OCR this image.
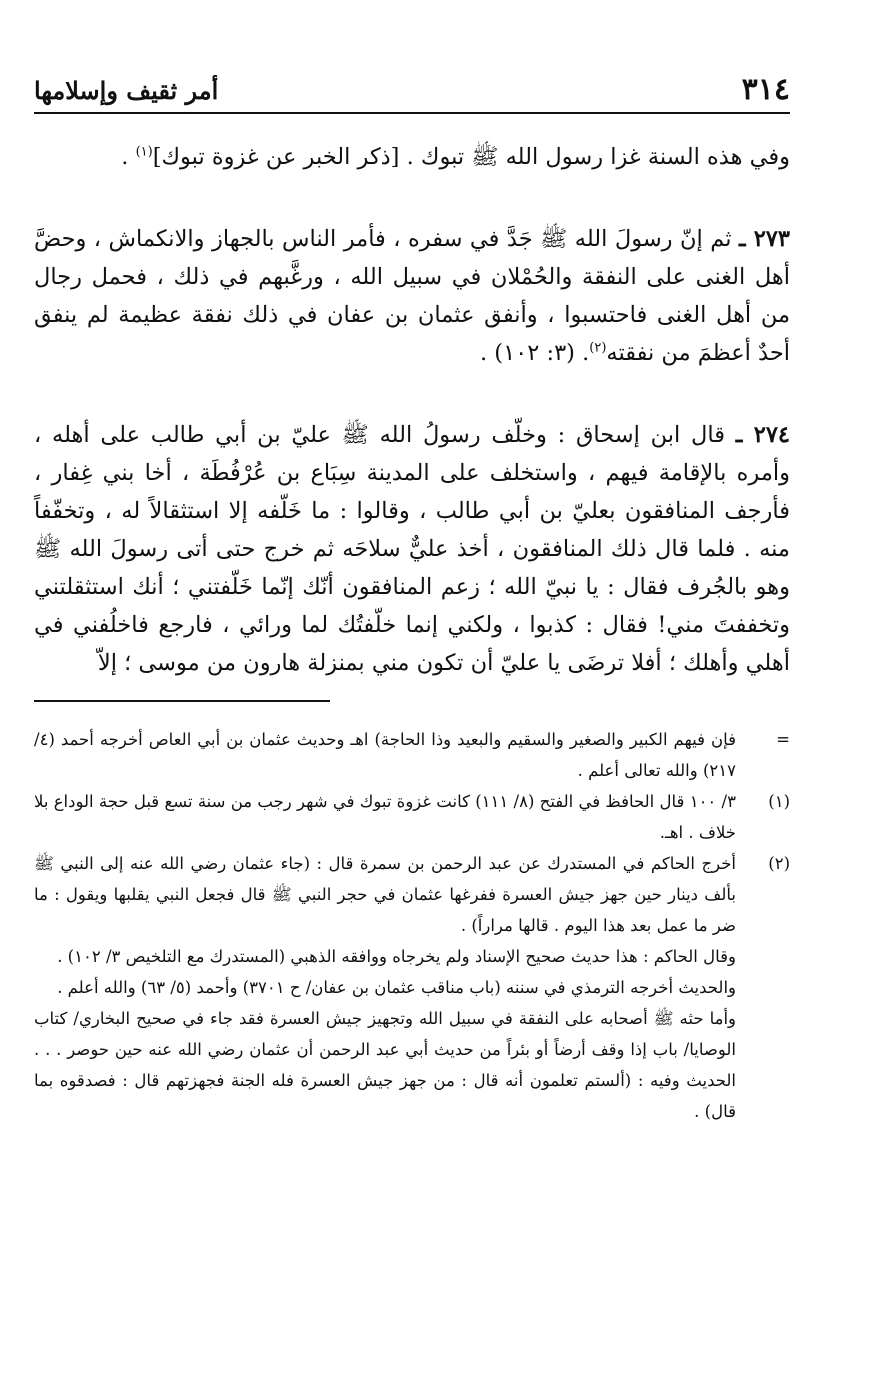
٣١٤
أمر ثقيف وإسلامها

وفي هذه السنة غزا رسول الله ﷺ تبوك . [ذكر الخبر عن غزوة تبوك]$^{(١)}$ .

٢٧٣ ـ ثم إنّ رسولَ الله ﷺ جَدَّ في سفره ، فأمر الناس بالجهاز والانكماش ، وحضَّ أهل الغنى على النفقة والحُمْلان في سبيل الله ، ورغَّبهم في ذلك ، فحمل رجال من أهل الغنى فاحتسبوا ، وأنفق عثمان بن عفان في ذلك نفقة عظيمة لم ينفق أحدٌ أعظمَ من نفقته$^{(٢)}$. (٣: ١٠٢) .

٢٧٤ ـ قال ابن إسحاق : وخلّف رسولُ الله ﷺ عليّ بن أبي طالب على أهله ، وأمره بالإقامة فيهم ، واستخلف على المدينة سِبَاع بن عُرْفُطَة ، أخا بني غِفار ، فأرجف المنافقون بعليّ بن أبي طالب ، وقالوا : ما خَلّفه إلا استثقالاً له ، وتخفّفاً منه . فلما قال ذلك المنافقون ، أخذ عليٌّ سلاحَه ثم خرج حتى أتى رسولَ الله ﷺ وهو بالجُرف فقال : يا نبيّ الله ؛ زعم المنافقون أنّك إنّما خَلّفتني ؛ أنك استثقلتني وتخففتَ مني! فقال : كذبوا ، ولكني إنما خلّفتُك لما ورائي ، فارجع فاخلُفني في أهلي وأهلك ؛ أفلا ترضَى يا عليّ أن تكون مني بمنزلة هارون من موسى ؛ إلاّ

=

فإن فيهم الكبير والصغير والسقيم والبعيد وذا الحاجة) اهـ وحديث عثمان بن أبي العاص أخرجه أحمد (٤/ ٢١٧) والله تعالى أعلم .

(١)

٣/ ١٠٠ قال الحافظ في الفتح (٨/ ١١١) كانت غزوة تبوك في شهر رجب من سنة تسع قبل حجة الوداع بلا خلاف . اهـ.

(٢)

أخرج الحاكم في المستدرك عن عبد الرحمن بن سمرة قال : (جاء عثمان رضي الله عنه إلى النبي ﷺ بألف دينار حين جهز جيش العسرة ففرغها عثمان في حجر النبي ﷺ قال فجعل النبي يقلبها ويقول : ما ضر ما عمل بعد هذا اليوم . قالها مراراً) .

وقال الحاكم : هذا حديث صحيح الإسناد ولم يخرجاه ووافقه الذهبي (المستدرك مع التلخيص ٣/ ١٠٢) .

والحديث أخرجه الترمذي في سننه (باب مناقب عثمان بن عفان/ ح ٣٧٠١) وأحمد (٥/ ٦٣) والله أعلم .

وأما حثه ﷺ أصحابه على النفقة في سبيل الله وتجهيز جيش العسرة فقد جاء في صحيح البخاري/ كتاب الوصايا/ باب إذا وقف أرضاً أو بئراً من حديث أبي عبد الرحمن أن عثمان رضي الله عنه حين حوصر . . . الحديث وفيه : (ألستم تعلمون أنه قال : من جهز جيش العسرة فله الجنة فجهزتهم قال : فصدقوه بما قال) .
